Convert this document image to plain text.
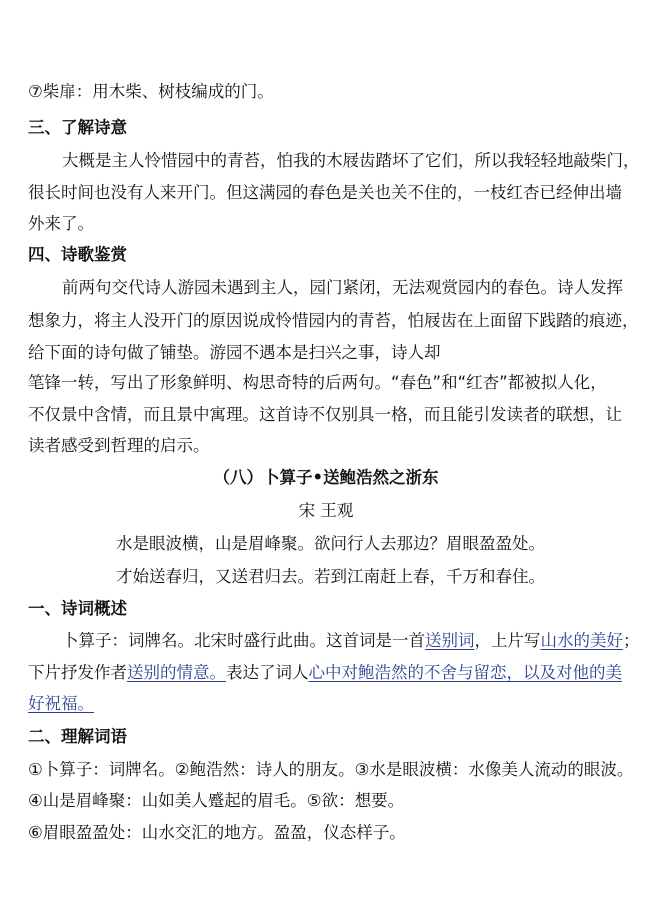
⑦柴扉：用木柴、树枝编成的门。
三、了解诗意
大概是主人怜惜园中的青苔，怕我的木屐齿踏坏了它们，所以我轻轻地敲柴门，
很长时间也没有人来开门。但这满园的春色是关也关不住的，一枝红杏已经伸出墙
外来了。
四、诗歌鉴赏
前两句交代诗人游园未遇到主人，园门紧闭，无法观赏园内的春色。诗人发挥
想象力，将主人没开门的原因说成怜惜园内的青苔，怕屐齿在上面留下践踏的痕迹，
给下面的诗句做了铺垫。游园不遇本是扫兴之事，诗人却
笔锋一转，写出了形象鲜明、构思奇特的后两句。“春色”和“红杏”都被拟人化，
不仅景中含情，而且景中寓理。这首诗不仅别具一格，而且能引发读者的联想，让
读者感受到哲理的启示。
（八）卜算子•送鲍浩然之浙东
宋 王观
水是眼波横，山是眉峰聚。欲问行人去那边？眉眼盈盈处。
才始送春归，又送君归去。若到江南赶上春，千万和春住。
一、诗词概述
卜算子：词牌名。北宋时盛行此曲。这首词是一首送别词，上片写山水的美好；
下片抒发作者送别的情意。表达了词人心中对鲍浩然的不舍与留恋，以及对他的美
好祝福。
二、理解词语
①卜算子：词牌名。②鲍浩然：诗人的朋友。③水是眼波横：水像美人流动的眼波。
④山是眉峰聚：山如美人蹙起的眉毛。⑤欲：想要。
⑥眉眼盈盈处：山水交汇的地方。盈盈，仪态样子。
